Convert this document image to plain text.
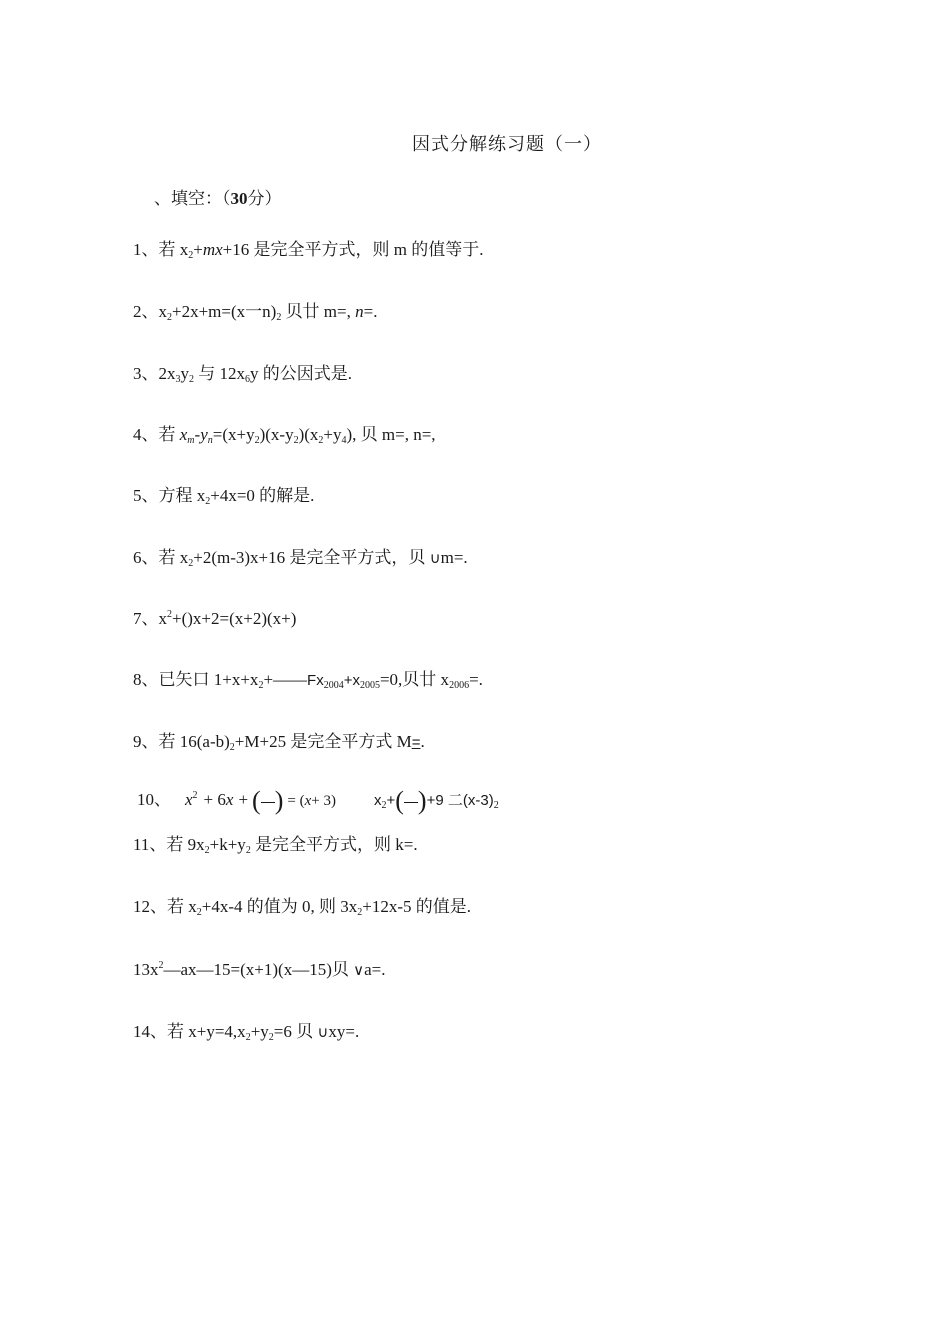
因式分解练习题（一）
、填空：（30分）
1、若 $x_2+mx+16$ 是完全平方式，则 m 的值等于.
2、$x_2+2x+m=(x$一$n)_2$ 贝廿 m=, n=.
3、$2x_3y_2$ 与 $12x_6y$ 的公因式是.
4、若 $x_m-y_n=(x+y_2)(x-y_2)(x_2+y_4)$, 贝 m=, n=,
5、方程 $x_2+4x=0$ 的解是.
6、若 $x_2+2(m-3)x+16$ 是完全平方式，贝 ∪m=.
7、$x^2+()x+2=(x+2)(x+)$
8、已矢口 $1+x+x_2+——Fx_{2004}+x_{2005}=0$,贝廿 $x_{2006}=$.
9、若 $16(a-b)_2+M+25$ 是完全平方式 M=.
10、 $x^2 + 6x$ + ( ) = (x+ 3)	$x_2+$( )+9 二$(x-3)_2$
11、若 $9x_2+k+y_2$ 是完全平方式，则 k=.
12、若 $x_2+4x-4$ 的值为 0, 则 $3x_2+12x-5$ 的值是.
$13x^2—ax—15=(x+1)(x—15)$贝 ∨a=.
14、若 $x+y=4,x_2+y_2=6$ 贝 ∪xy=.
